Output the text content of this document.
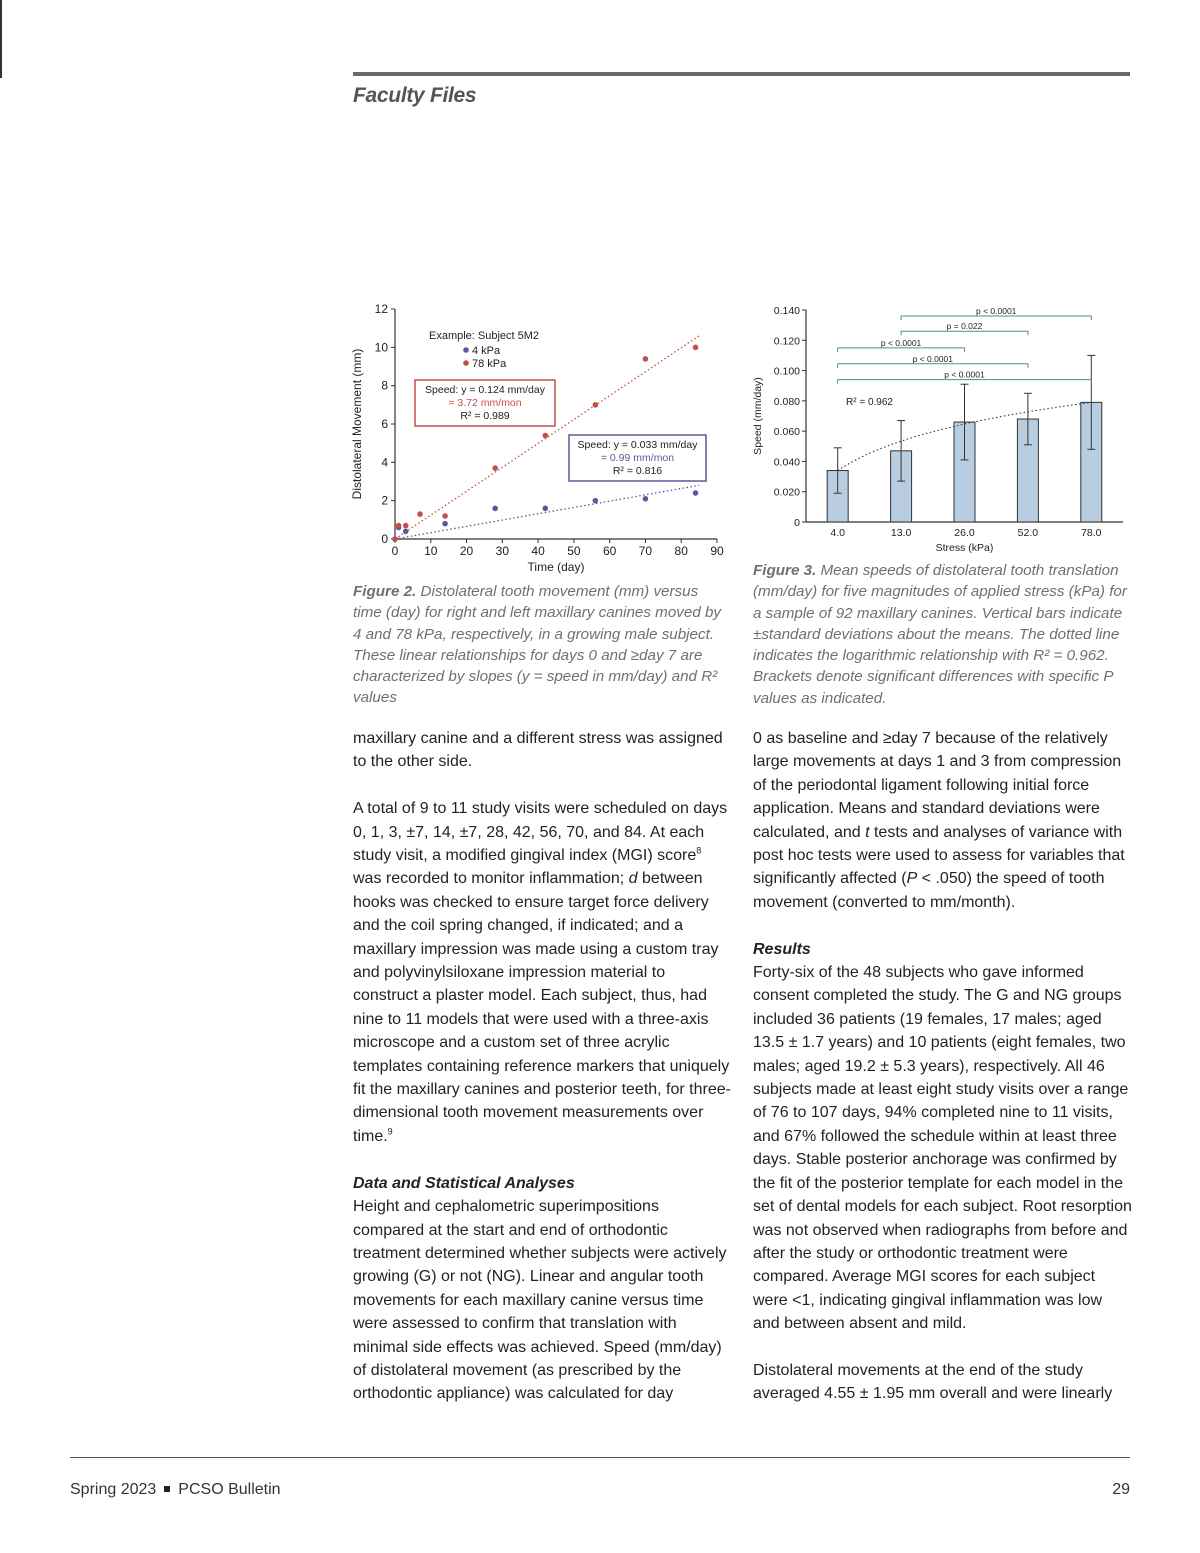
Faculty Files
0
2
4
6
8
10
12
0 10 20 30 40 50 60 70 80 90
Time (day)
Distolateral Movement (mm)
Example: Subject 5M2
4 kPa
78 kPa
Speed: y = 0.124 mm/day
= 3.72 mm/mon
R² = 0.989
Speed: y = 0.033 mm/day
= 0.99 mm/mon
R² = 0.816
0
0.020
0.040
0.060
0.080
0.100
0.120
0.140
Speed (mm/day)
4.0	13.0	26.0	52.0	78.0
Stress (kPa)
R² = 0.962
p < 0.0001
p < 0.0001
p < 0.0001
p = 0.022
p < 0.0001
Figure 2. Distolateral tooth movement (mm) versus time (day) for right and left maxillary canines moved by 4 and 78 kPa, respectively, in a growing male subject. These linear relationships for days 0 and ≥day 7 are characterized by slopes (y = speed in mm/day) and R² values
Figure 3. Mean speeds of distolateral tooth translation (mm/day) for five magnitudes of applied stress (kPa) for a sample of 92 maxillary canines. Vertical bars indicate ±standard deviations about the means. The dotted line indicates the logarithmic relationship with R² = 0.962. Brackets denote significant differences with specific P values as indicated.

maxillary canine and a different stress was assigned to the other side.

A total of 9 to 11 study visits were scheduled on days 0, 1, 3, ±7, 14, ±7, 28, 42, 56, 70, and 84. At each study visit, a modified gingival index (MGI) score$^8$ was recorded to monitor inflammation; d between hooks was checked to ensure target force delivery and the coil spring changed, if indicated; and a maxillary impression was made using a custom tray and polyvinylsiloxane impression material to construct a plaster model. Each subject, thus, had nine to 11 models that were used with a three-axis microscope and a custom set of three acrylic templates containing reference markers that uniquely fit the maxillary canines and posterior teeth, for three-dimensional tooth movement measurements over time.$^9$

Data and Statistical Analyses

Height and cephalometric superimpositions compared at the start and end of orthodontic treatment determined whether subjects were actively growing (G) or not (NG). Linear and angular tooth movements for each maxillary canine versus time were assessed to confirm that translation with minimal side effects was achieved. Speed (mm/day) of distolateral movement (as prescribed by the orthodontic appliance) was calculated for day

0 as baseline and ≥day 7 because of the relatively large movements at days 1 and 3 from compression of the periodontal ligament following initial force application. Means and standard deviations were calculated, and t tests and analyses of variance with post hoc tests were used to assess for variables that significantly affected (P < .050) the speed of tooth movement (converted to mm/month).

Results

Forty-six of the 48 subjects who gave informed consent completed the study. The G and NG groups included 36 patients (19 females, 17 males; aged 13.5 ± 1.7 years) and 10 patients (eight females, two males; aged 19.2 ± 5.3 years), respectively. All 46 subjects made at least eight study visits over a range of 76 to 107 days, 94% completed nine to 11 visits, and 67% followed the schedule within at least three days. Stable posterior anchorage was confirmed by the fit of the posterior template for each model in the set of dental models for each subject. Root resorption was not observed when radiographs from before and after the study or orthodontic treatment were compared. Average MGI scores for each subject were <1, indicating gingival inflammation was low and between absent and mild.

Distolateral movements at the end of the study averaged 4.55 ± 1.95 mm overall and were linearly

Spring 2023 PCSO Bulletin	29
